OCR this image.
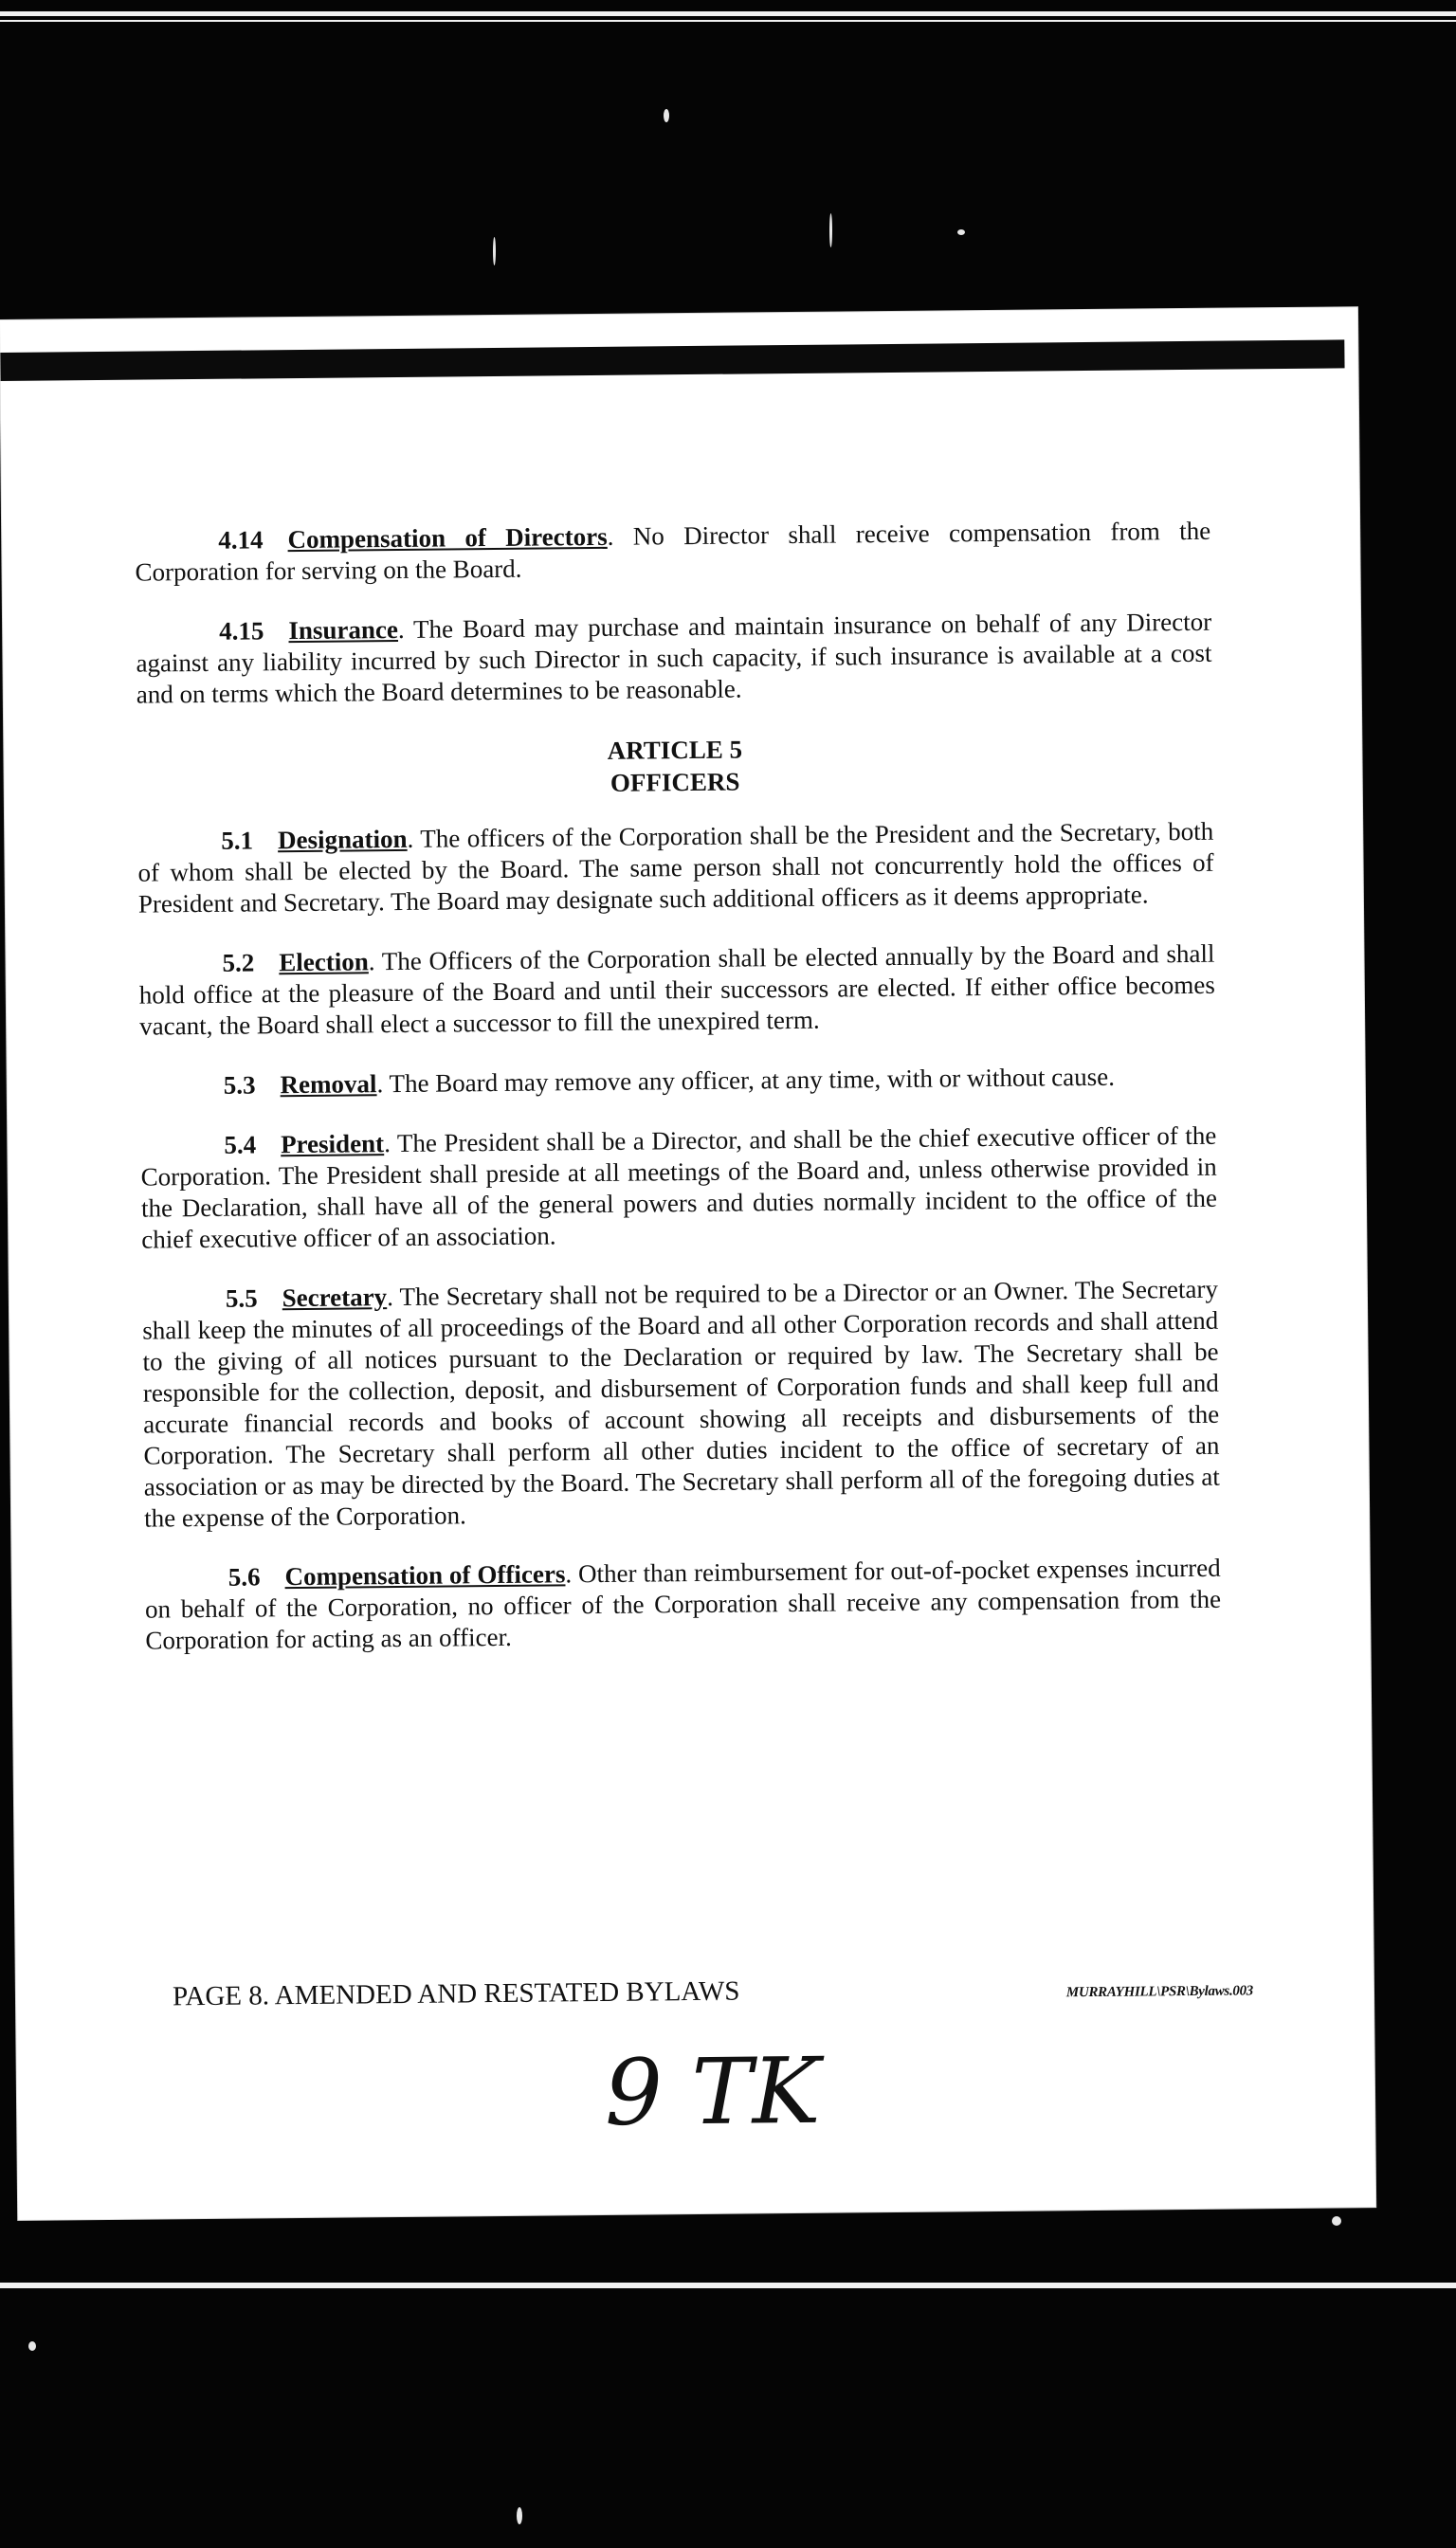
4.14 Compensation of Directors. No Director shall receive compensation from the Corporation for serving on the Board.

4.15 Insurance. The Board may purchase and maintain insurance on behalf of any Director against any liability incurred by such Director in such capacity, if such insurance is available at a cost and on terms which the Board determines to be reasonable.

ARTICLE 5
OFFICERS

5.1 Designation. The officers of the Corporation shall be the President and the Secretary, both of whom shall be elected by the Board. The same person shall not concurrently hold the offices of President and Secretary. The Board may designate such additional officers as it deems appropriate.

5.2 Election. The Officers of the Corporation shall be elected annually by the Board and shall hold office at the pleasure of the Board and until their successors are elected. If either office becomes vacant, the Board shall elect a successor to fill the unexpired term.

5.3 Removal. The Board may remove any officer, at any time, with or without cause.

5.4 President. The President shall be a Director, and shall be the chief executive officer of the Corporation. The President shall preside at all meetings of the Board and, unless otherwise provided in the Declaration, shall have all of the general powers and duties normally incident to the office of the chief executive officer of an association.

5.5 Secretary. The Secretary shall not be required to be a Director or an Owner. The Secretary shall keep the minutes of all proceedings of the Board and all other Corporation records and shall attend to the giving of all notices pursuant to the Declaration or required by law. The Secretary shall be responsible for the collection, deposit, and disbursement of Corporation funds and shall keep full and accurate financial records and books of account showing all receipts and disbursements of the Corporation. The Secretary shall perform all other duties incident to the office of secretary of an association or as may be directed by the Board. The Secretary shall perform all of the foregoing duties at the expense of the Corporation.

5.6 Compensation of Officers. Other than reimbursement for out-of-pocket expenses incurred on behalf of the Corporation, no officer of the Corporation shall receive any compensation from the Corporation for acting as an officer.

PAGE 8. AMENDED AND RESTATED BYLAWS	MURRAYHILL\PSR\Bylaws.003
9 TK
